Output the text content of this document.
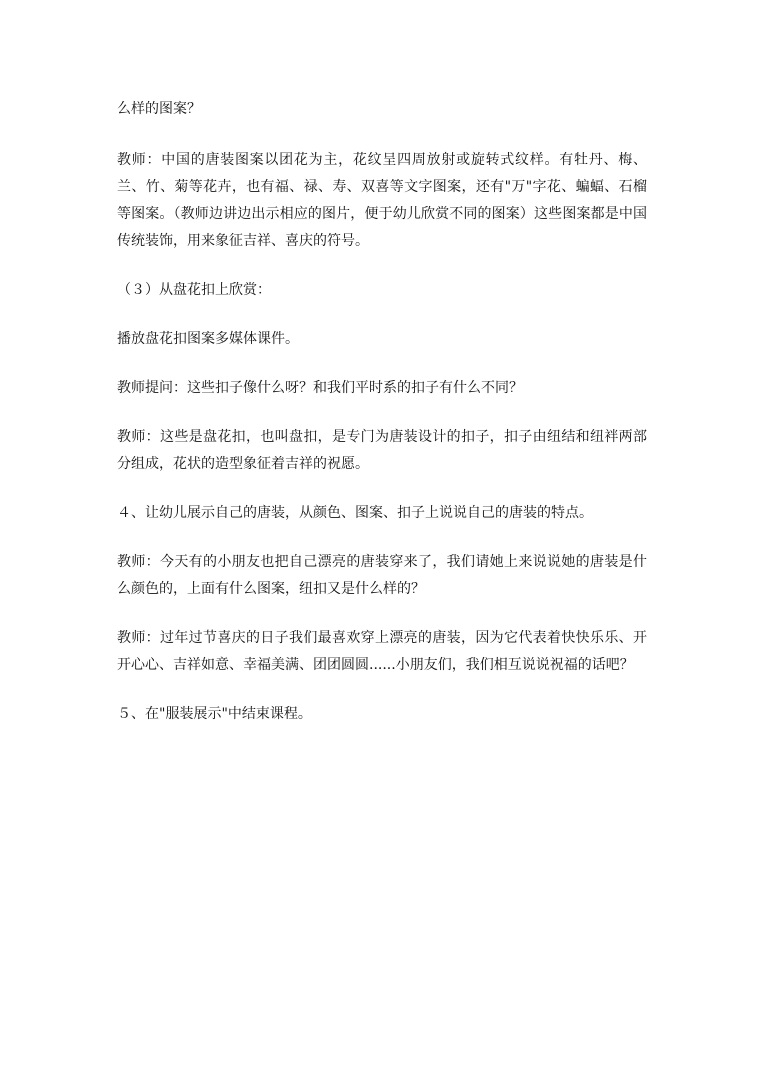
么样的图案？

教师：中国的唐装图案以团花为主，花纹呈四周放射或旋转式纹样。有牡丹、梅、兰、竹、菊等花卉，也有福、禄、寿、双喜等文字图案，还有"万"字花、蝙蝠、石榴等图案。（教师边讲边出示相应的图片，便于幼儿欣赏不同的图案）这些图案都是中国传统装饰，用来象征吉祥、喜庆的符号。

（３）从盘花扣上欣赏：

播放盘花扣图案多媒体课件。

教师提问：这些扣子像什么呀？和我们平时系的扣子有什么不同？

教师：这些是盘花扣，也叫盘扣，是专门为唐装设计的扣子，扣子由纽结和纽袢两部分组成，花状的造型象征着吉祥的祝愿。

４、让幼儿展示自己的唐装，从颜色、图案、扣子上说说自己的唐装的特点。

教师：今天有的小朋友也把自己漂亮的唐装穿来了，我们请她上来说说她的唐装是什么颜色的，上面有什么图案，纽扣又是什么样的？

教师：过年过节喜庆的日子我们最喜欢穿上漂亮的唐装，因为它代表着快快乐乐、开开心心、吉祥如意、幸福美满、团团圆圆......小朋友们，我们相互说说祝福的话吧？

５、在"服装展示"中结束课程。
